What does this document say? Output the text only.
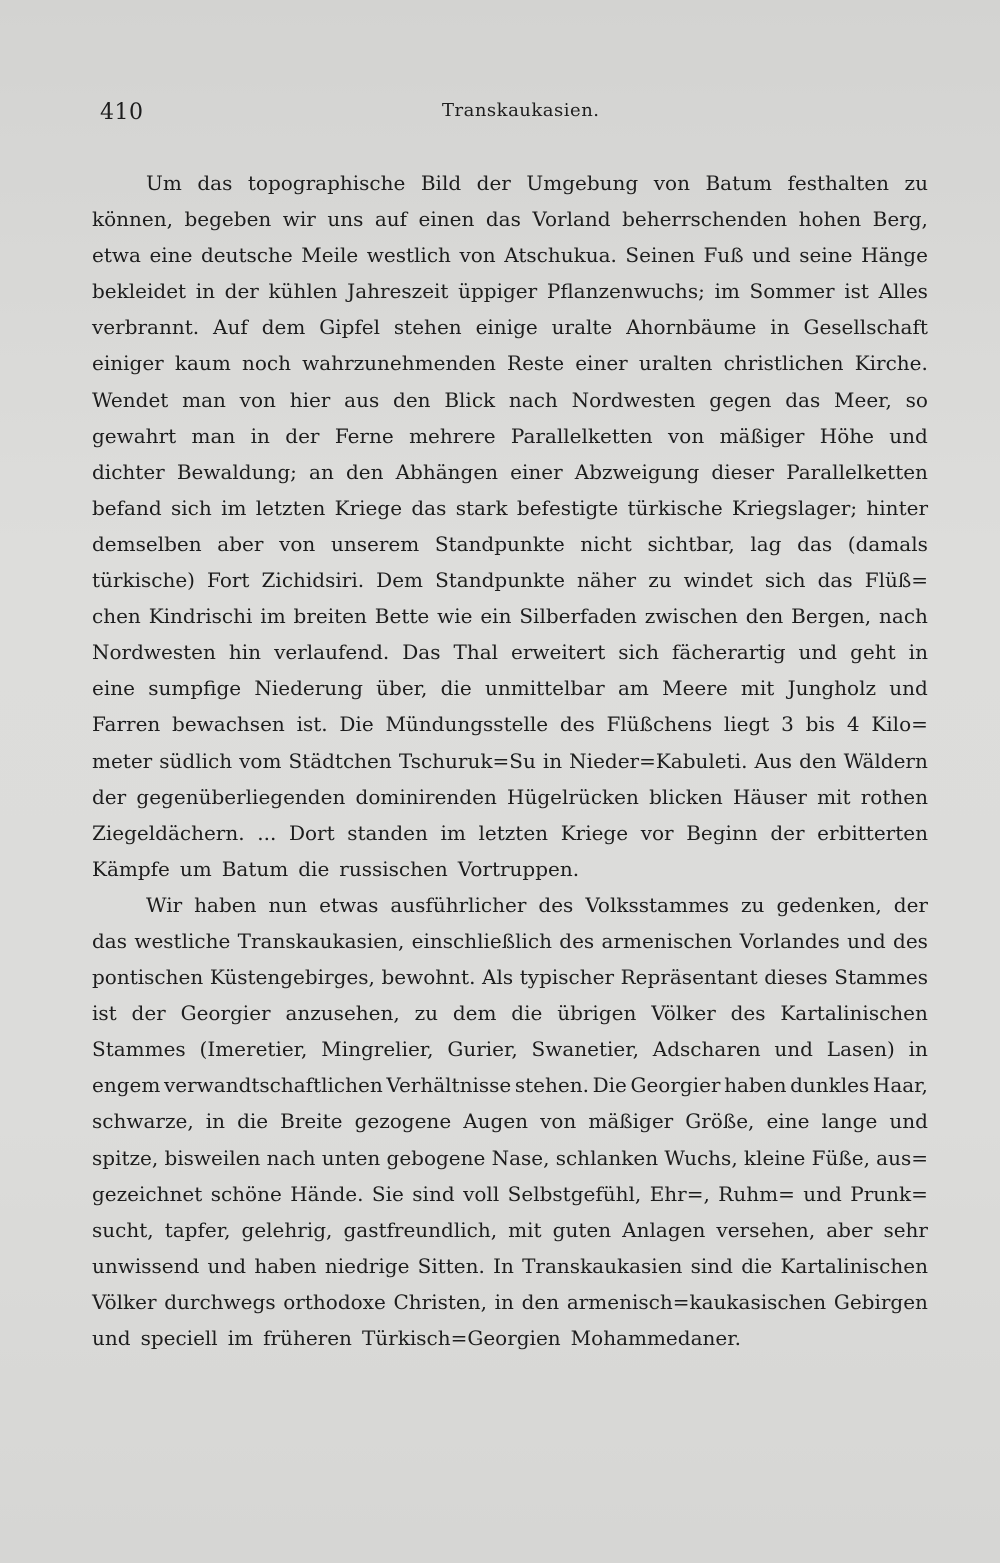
410	Transkaukasien.
Um das topographische Bild der Umgebung von Batum festhalten zu
können, begeben wir uns auf einen das Vorland beherrschenden hohen Berg,
etwa eine deutsche Meile westlich von Atschukua. Seinen Fuß und seine Hänge
bekleidet in der kühlen Jahreszeit üppiger Pflanzenwuchs; im Sommer ist Alles
verbrannt. Auf dem Gipfel stehen einige uralte Ahornbäume in Gesellschaft
einiger kaum noch wahrzunehmenden Reste einer uralten christlichen Kirche.
Wendet man von hier aus den Blick nach Nordwesten gegen das Meer, so
gewahrt man in der Ferne mehrere Parallelketten von mäßiger Höhe und
dichter Bewaldung; an den Abhängen einer Abzweigung dieser Parallelketten
befand sich im letzten Kriege das stark befestigte türkische Kriegslager; hinter
demselben aber von unserem Standpunkte nicht sichtbar, lag das (damals
türkische) Fort Zichidsiri. Dem Standpunkte näher zu windet sich das Flüß=
chen Kindrischi im breiten Bette wie ein Silberfaden zwischen den Bergen, nach
Nordwesten hin verlaufend. Das Thal erweitert sich fächerartig und geht in
eine sumpfige Niederung über, die unmittelbar am Meere mit Jungholz und
Farren bewachsen ist. Die Mündungsstelle des Flüßchens liegt 3 bis 4 Kilo=
meter südlich vom Städtchen Tschuruk=Su in Nieder=Kabuleti. Aus den Wäldern
der gegenüberliegenden dominirenden Hügelrücken blicken Häuser mit rothen
Ziegeldächern. ... Dort standen im letzten Kriege vor Beginn der erbitterten
Kämpfe um Batum die russischen Vortruppen.
Wir haben nun etwas ausführlicher des Volksstammes zu gedenken, der
das westliche Transkaukasien, einschließlich des armenischen Vorlandes und des
pontischen Küstengebirges, bewohnt. Als typischer Repräsentant dieses Stammes
ist der Georgier anzusehen, zu dem die übrigen Völker des Kartalinischen
Stammes (Imeretier, Mingrelier, Gurier, Swanetier, Adscharen und Lasen) in
engem verwandtschaftlichen Verhältnisse stehen. Die Georgier haben dunkles Haar,
schwarze, in die Breite gezogene Augen von mäßiger Größe, eine lange und
spitze, bisweilen nach unten gebogene Nase, schlanken Wuchs, kleine Füße, aus=
gezeichnet schöne Hände. Sie sind voll Selbstgefühl, Ehr=, Ruhm= und Prunk=
sucht, tapfer, gelehrig, gastfreundlich, mit guten Anlagen versehen, aber sehr
unwissend und haben niedrige Sitten. In Transkaukasien sind die Kartalinischen
Völker durchwegs orthodoxe Christen, in den armenisch=kaukasischen Gebirgen
und speciell im früheren Türkisch=Georgien Mohammedaner.
